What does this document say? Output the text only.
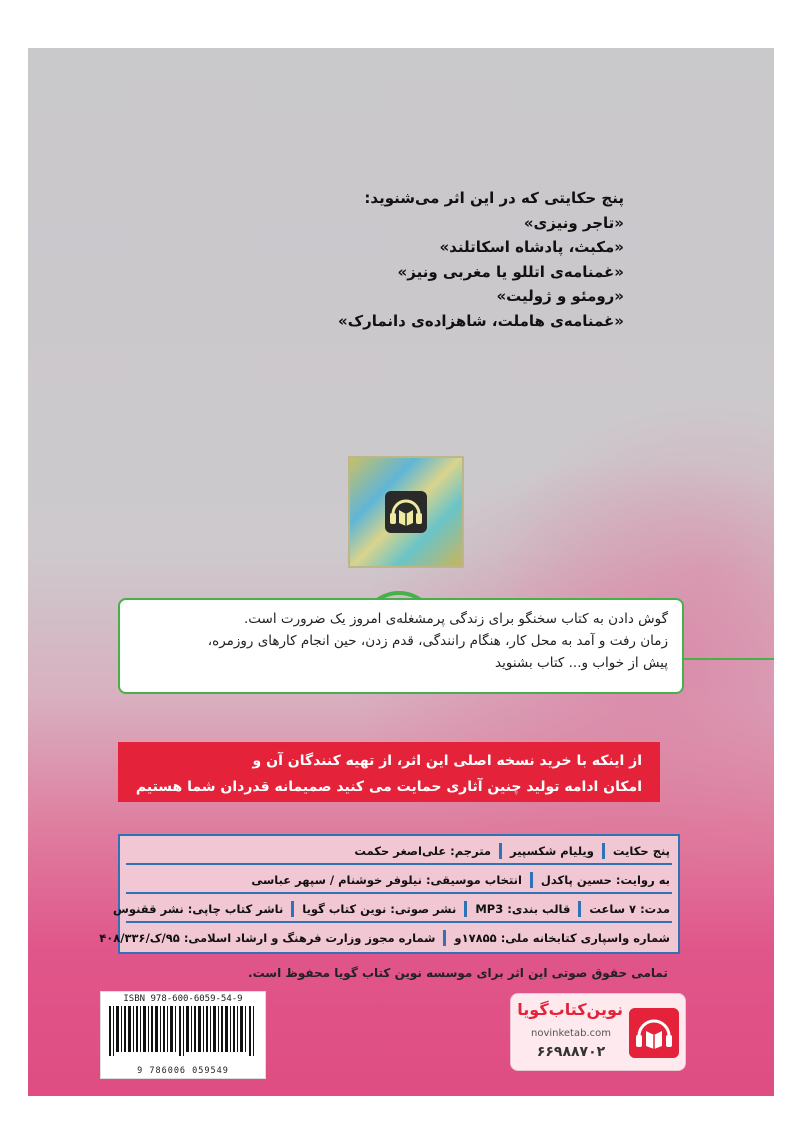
پنج حکایتی که در این اثر می‌شنوید:
«تاجر ونیزی»
«مکبث، پادشاه اسکاتلند»
«غمنامه‌ی اتللو یا مغربی ونیز»
«رومئو و ژولیت»
«غمنامه‌ی هاملت، شاهزاده‌ی دانمارک»
گوش دادن به کتاب سخنگو برای زندگی پرمشغله‌ی امروز یک ضرورت است.
زمان رفت و آمد به محل کار، هنگام رانندگی، قدم زدن، حین انجام کارهای روزمره،
پیش از خواب و... کتاب بشنوید
از اینکه با خرید نسخه اصلی این اثر، از تهیه کنندگان آن و
امکان ادامه تولید چنین آثاری حمایت می کنید صمیمانه قدردان شما هستیم
پنج حکایت
ویلیام شکسپیر
مترجم: علی‌اصغر حکمت
به روایت: حسین پاکدل
انتخاب موسیقی: نیلوفر خوشنام / سپهر عباسی
مدت: ۷ ساعت
قالب بندی: MP3
نشر صوتی: نوین کتاب گویا
ناشر کتاب چاپی: نشر ققنوس
شماره واسپاری کتابخانه ملی: ۱۷۸۵۵و
شماره مجوز وزارت فرهنگ و ارشاد اسلامی: ۹۵/ک/۴۰۸/۳۳۶
تمامی حقوق صوتی این اثر برای موسسه نوین کتاب گویا محفوظ است.
ISBN 978-600-6059-54-9
9 786006 059549
نوین‌کتاب‌گویا
novinketab.com
۶۶۹۸۸۷۰۲
